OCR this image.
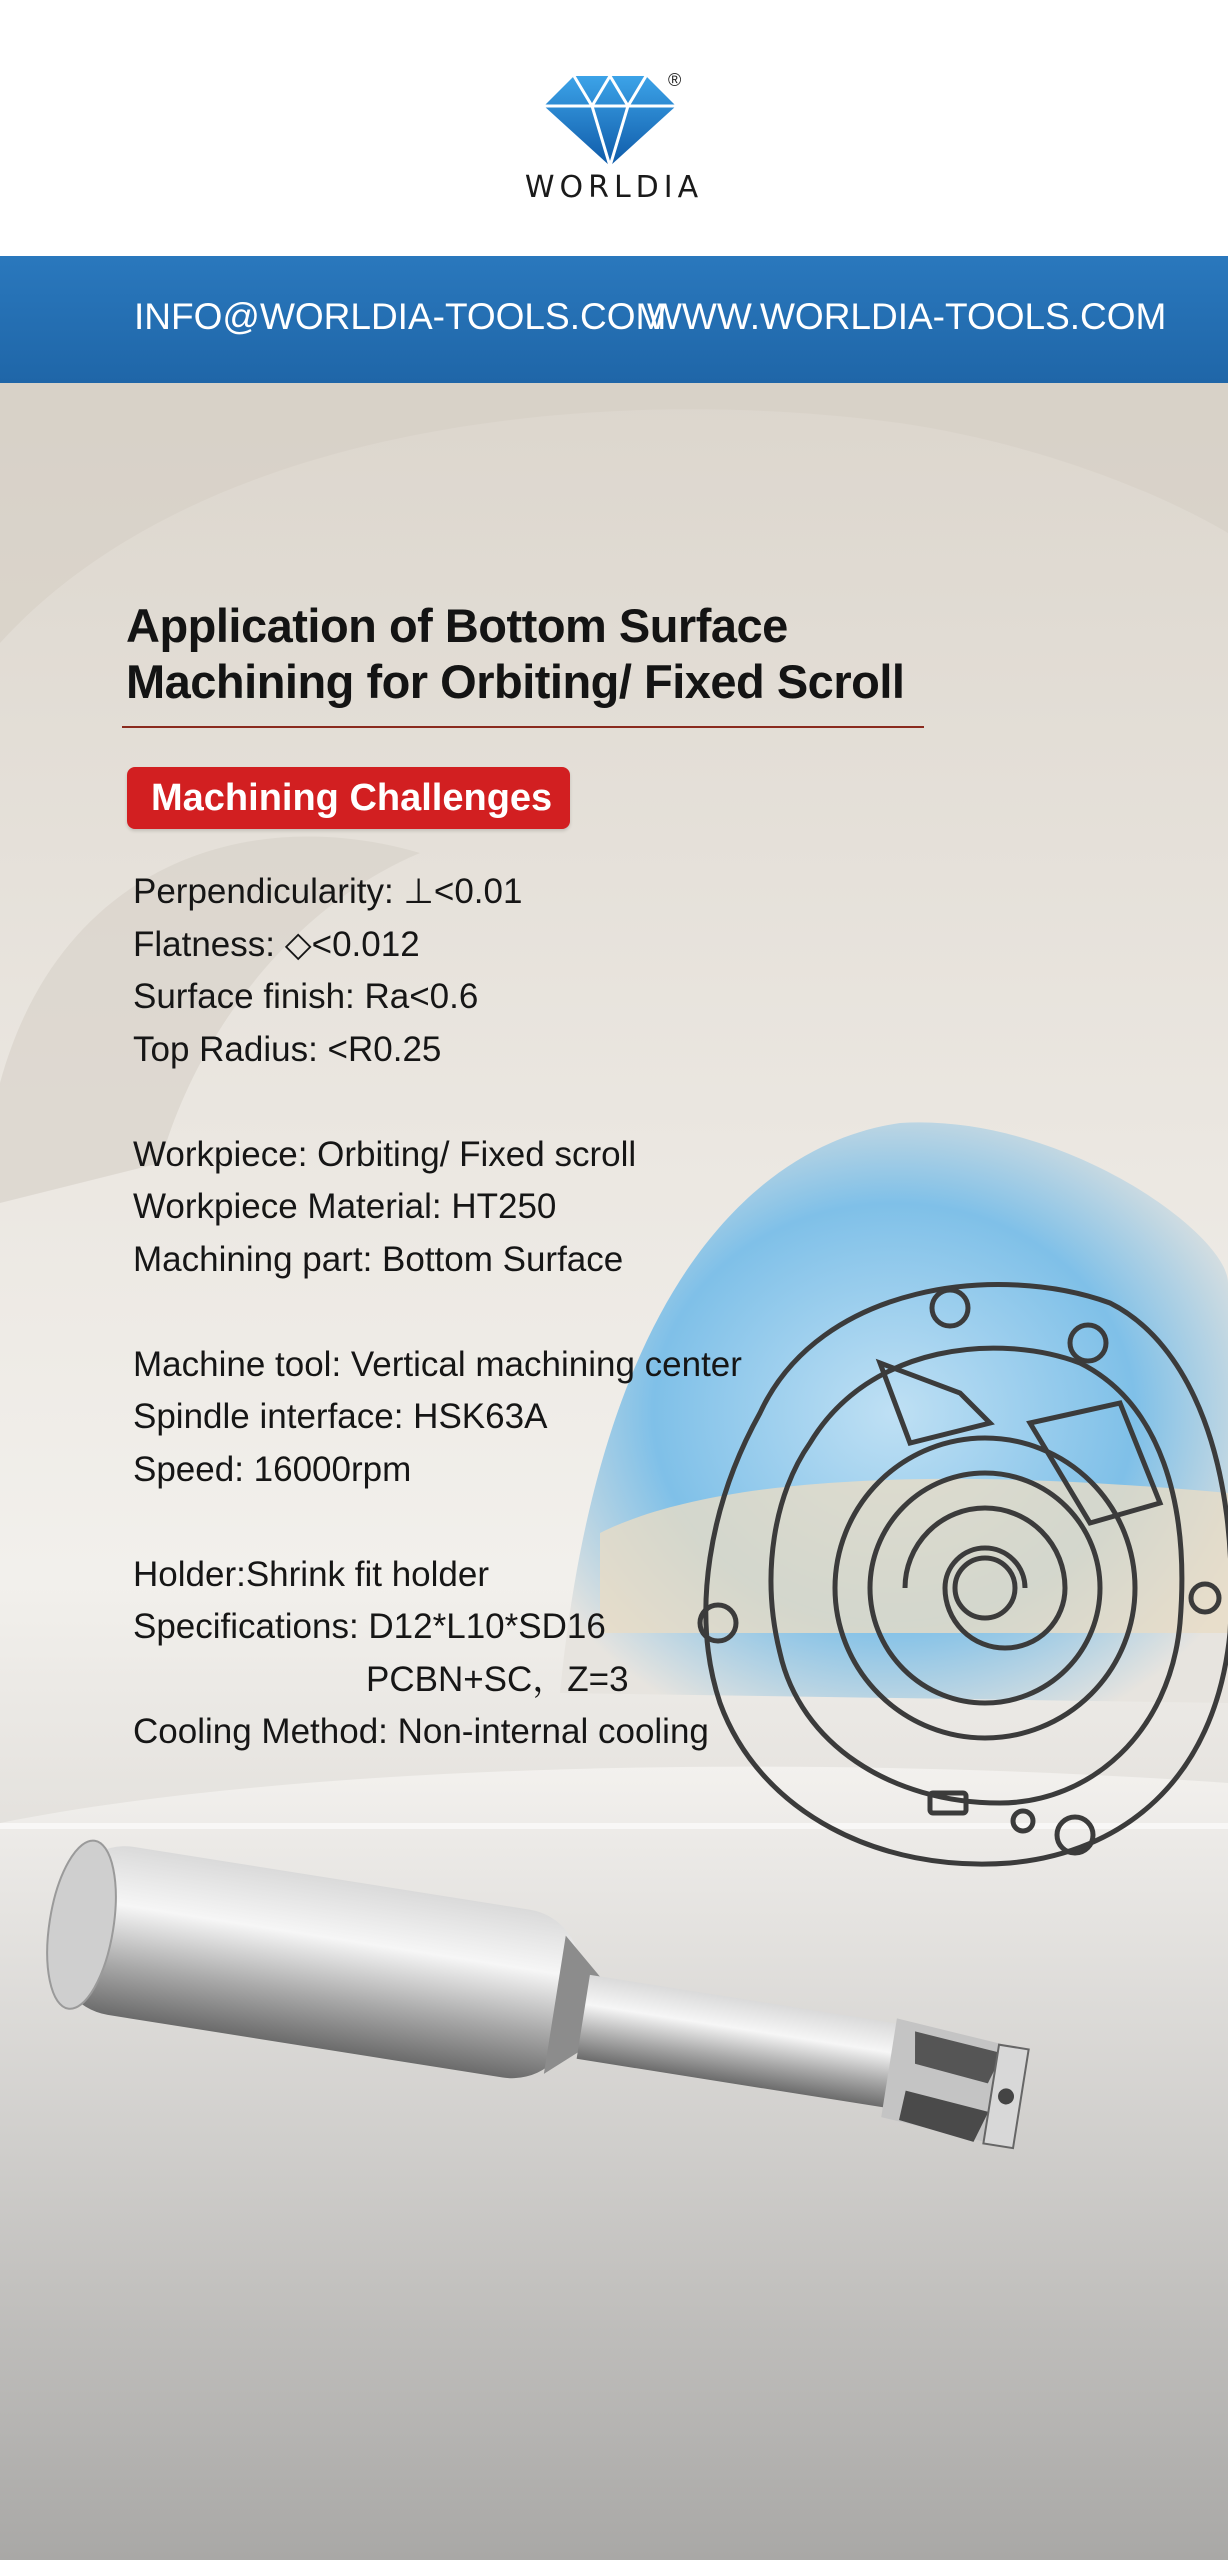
®
WORLDIA
INFO@WORLDIA-TOOLS.COM
WWW.WORLDIA-TOOLS.COM
Application of Bottom Surface
Machining for Orbiting/ Fixed Scroll
Machining Challenges
Perpendicularity: ⊥<0.01
Flatness: ◇<0.012
Surface finish: Ra<0.6
Top Radius: <R0.25
Workpiece: Orbiting/ Fixed scroll
Workpiece Material: HT250
Machining part: Bottom Surface
Machine tool: Vertical machining center
Spindle interface: HSK63A
Speed: 16000rpm
Holder:Shrink fit holder
Specifications: D12*L10*SD16
PCBN+SC，Z=3
Cooling Method: Non-internal cooling
